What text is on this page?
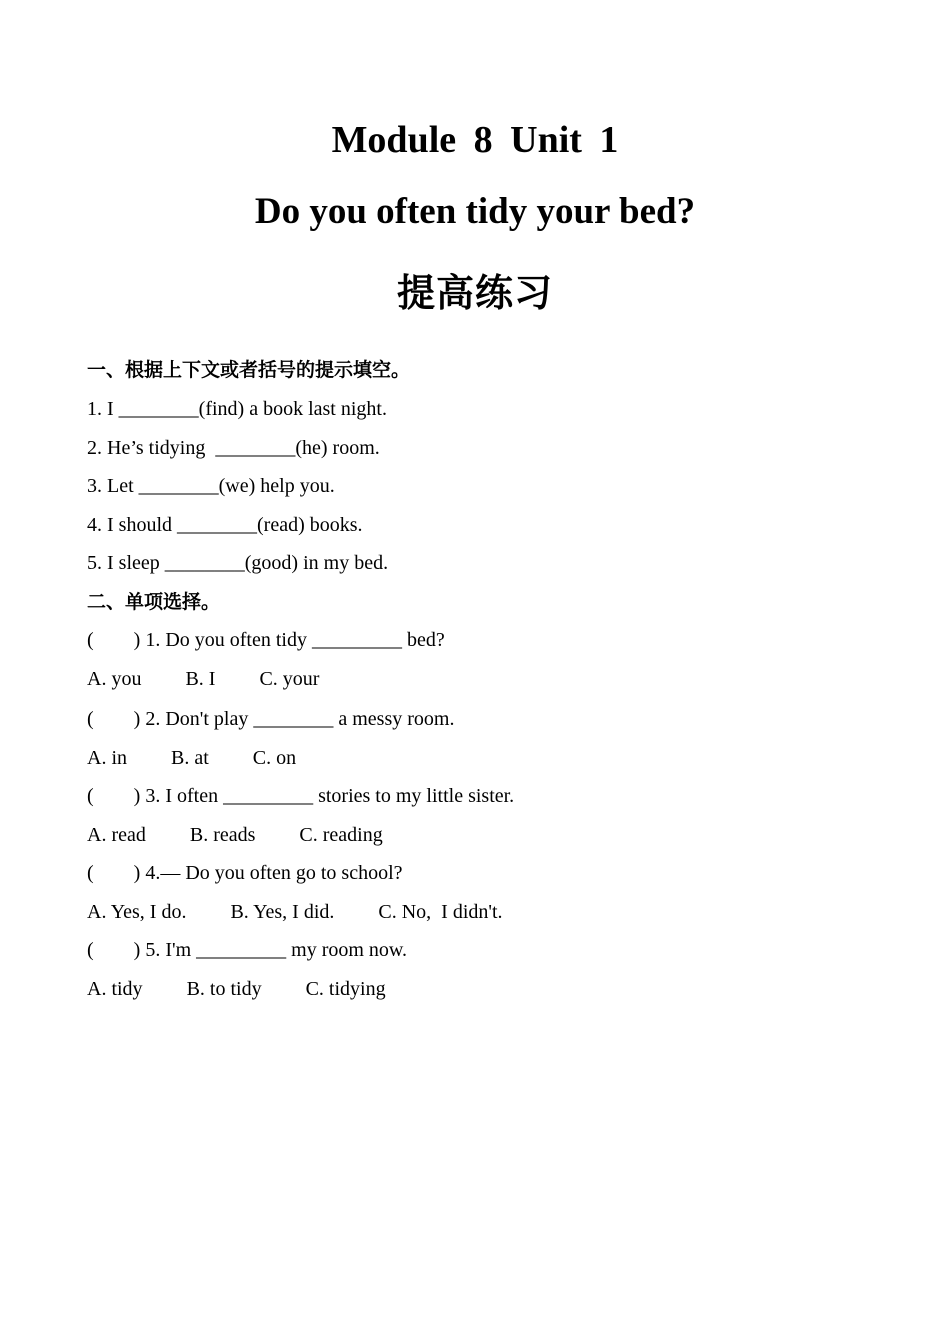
Module 8 Unit 1
Do you often tidy your bed?
提高练习

一、根据上下文或者括号的提示填空。

1. I ________(find) a book last night.

2. He’s tidying  ________(he) room.

3. Let ________(we) help you.

4. I should ________(read) books.

5. I sleep ________(good) in my bed.

二、单项选择。

(        ) 1. Do you often tidy _________ bed?

A. you B. I C. your

(        ) 2. Don't play ________ a messy room.

A. in B. at C. on

(        ) 3. I often _________ stories to my little sister.

A. read B. reads C. reading

(        ) 4.— Do you often go to school?

A. Yes, I do. B. Yes, I did. C. No,  I didn't.

(        ) 5. I'm _________ my room now.

A. tidy B. to tidy C. tidying
